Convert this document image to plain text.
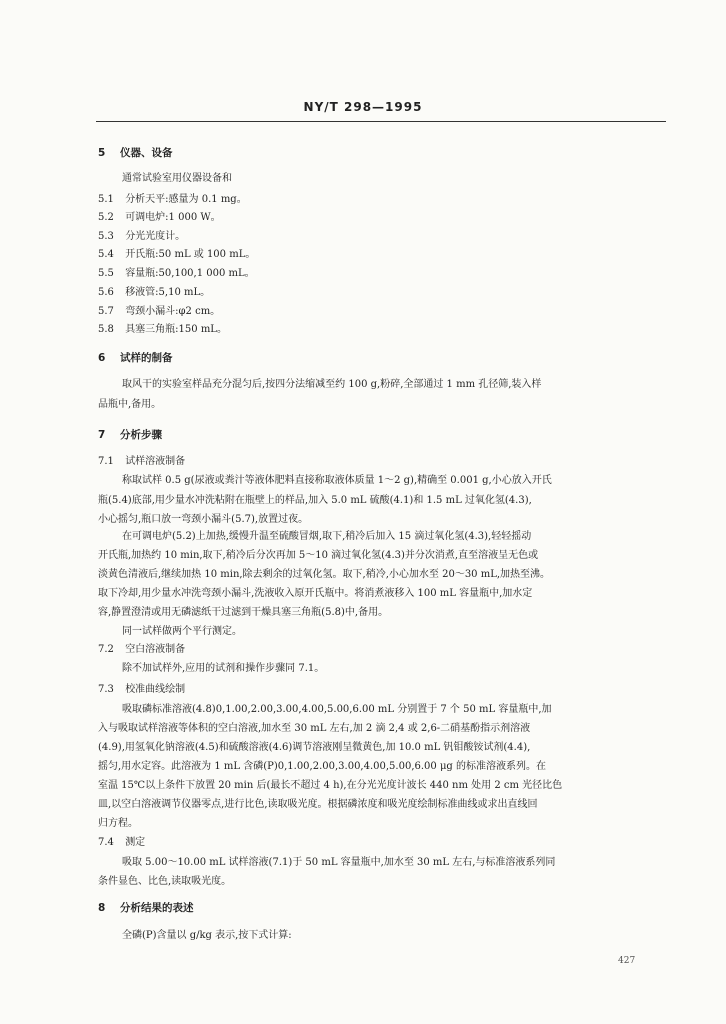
NY/T 298—1995
5 仪器、设备
通常试验室用仪器设备和
5.1 分析天平:感量为 0.1 mg。
5.2 可调电炉:1 000 W。
5.3 分光光度计。
5.4 开氏瓶:50 mL 或 100 mL。
5.5 容量瓶:50,100,1 000 mL。
5.6 移液管:5,10 mL。
5.7 弯颈小漏斗:φ2 cm。
5.8 具塞三角瓶:150 mL。
6 试样的制备
取风干的实验室样品充分混匀后,按四分法缩减至约 100 g,粉碎,全部通过 1 mm 孔径筛,装入样
品瓶中,备用。
7 分析步骤
7.1 试样溶液制备
称取试样 0.5 g(尿液或粪汁等液体肥料直接称取液体质量 1～2 g),精确至 0.001 g,小心放入开氏
瓶(5.4)底部,用少量水冲洗粘附在瓶壁上的样品,加入 5.0 mL 硫酸(4.1)和 1.5 mL 过氧化氢(4.3),
小心摇匀,瓶口放一弯颈小漏斗(5.7),放置过夜。
在可调电炉(5.2)上加热,缓慢升温至硫酸冒烟,取下,稍冷后加入 15 滴过氧化氢(4.3),轻轻摇动
开氏瓶,加热约 10 min,取下,稍冷后分次再加 5～10 滴过氧化氢(4.3)并分次消煮,直至溶液呈无色或
淡黄色清液后,继续加热 10 min,除去剩余的过氧化氢。取下,稍冷,小心加水至 20～30 mL,加热至沸。
取下冷却,用少量水冲洗弯颈小漏斗,洗液收入原开氏瓶中。将消煮液移入 100 mL 容量瓶中,加水定
容,静置澄清或用无磷滤纸干过滤到干燥具塞三角瓶(5.8)中,备用。
同一试样做两个平行测定。
7.2 空白溶液制备
除不加试样外,应用的试剂和操作步骤同 7.1。
7.3 校准曲线绘制
吸取磷标准溶液(4.8)0,1.00,2.00,3.00,4.00,5.00,6.00 mL 分别置于 7 个 50 mL 容量瓶中,加
入与吸取试样溶液等体积的空白溶液,加水至 30 mL 左右,加 2 滴 2,4 或 2,6-二硝基酚指示剂溶液
(4.9),用氢氧化钠溶液(4.5)和硫酸溶液(4.6)调节溶液刚呈微黄色,加 10.0 mL 钒钼酸铵试剂(4.4),
摇匀,用水定容。此溶液为 1 mL 含磷(P)0,1.00,2.00,3.00,4.00,5.00,6.00 μg 的标准溶液系列。在
室温 15℃以上条件下放置 20 min 后(最长不超过 4 h),在分光光度计波长 440 nm 处用 2 cm 光径比色
皿,以空白溶液调节仪器零点,进行比色,读取吸光度。根据磷浓度和吸光度绘制标准曲线或求出直线回
归方程。
7.4 测定
吸取 5.00～10.00 mL 试样溶液(7.1)于 50 mL 容量瓶中,加水至 30 mL 左右,与标准溶液系列同
条件显色、比色,读取吸光度。
8 分析结果的表述
全磷(P)含量以 g/kg 表示,按下式计算:
427
